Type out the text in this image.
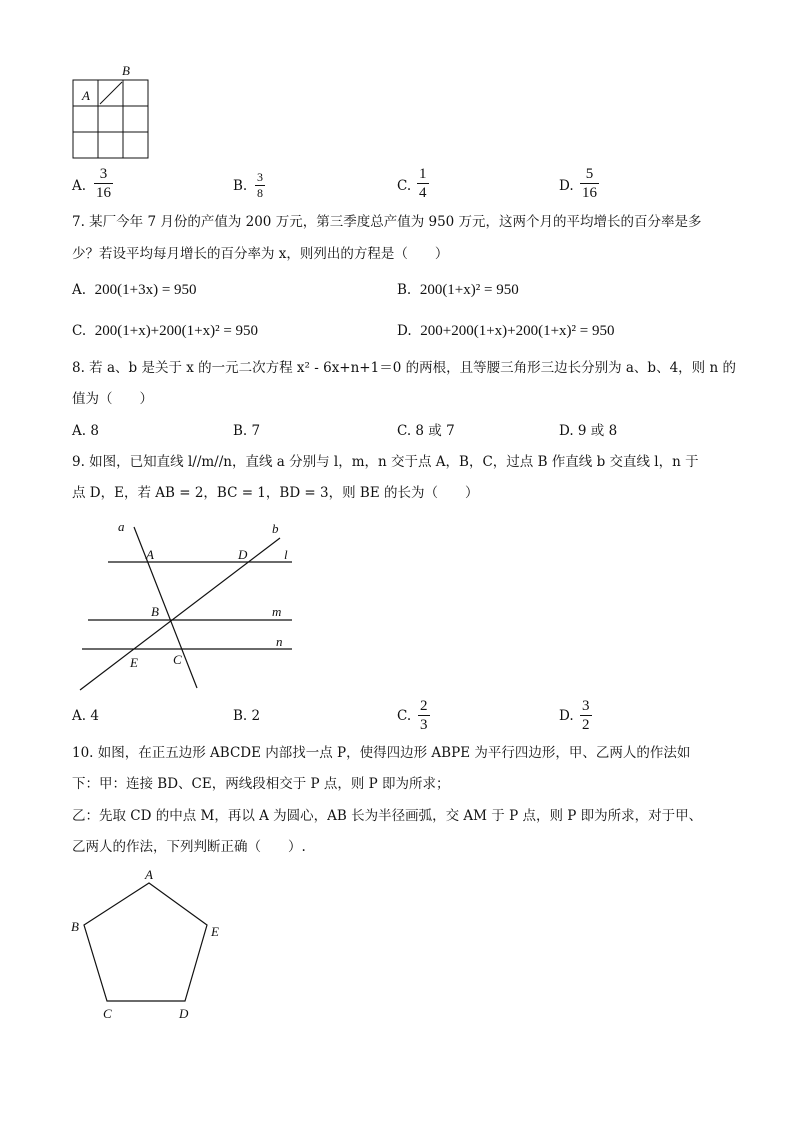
B
A
A.
3
16	B.
3
8	C.
1
4	D.
5
16
7. 某厂今年 7 月份的产值为 200 万元，第三季度总产值为 950 万元，这两个月的平均增长的百分率是多
少？若设平均每月增长的百分率为 x，则列出的方程是（　　）
A. 200(1+3x) = 950	B. 200(1+x)² = 950
C. 200(1+x)+200(1+x)² = 950	D. 200+200(1+x)+200(1+x)² = 950
8. 若 a、b 是关于 x 的一元二次方程 x² - 6x+n+1＝0 的两根，且等腰三角形三边长分别为 a、b、4，则 n 的
值为（　　）
A. 8	B. 7	C. 8 或 7	D. 9 或 8
9. 如图，已知直线 l//m//n，直线 a 分别与 l，m，n 交于点 A，B，C，过点 B 作直线 b 交直线 l，n 于
点 D，E，若 AB = 2，BC = 1，BD = 3，则 BE 的长为（　　）
a	b
l
m
n
A	D
B
C
E
A. 4	B. 2	C.
2
3
D.
3
2
10. 如图，在正五边形 ABCDE 内部找一点 P，使得四边形 ABPE 为平行四边形，甲、乙两人的作法如
下：甲：连接 BD、CE，两线段相交于 P 点，则 P 即为所求；
乙：先取 CD 的中点 M，再以 A 为圆心，AB 长为半径画弧，交 AM 于 P 点，则 P 即为所求，对于甲、
乙两人的作法，下列判断正确（　　）.
A
B	E
C	D
